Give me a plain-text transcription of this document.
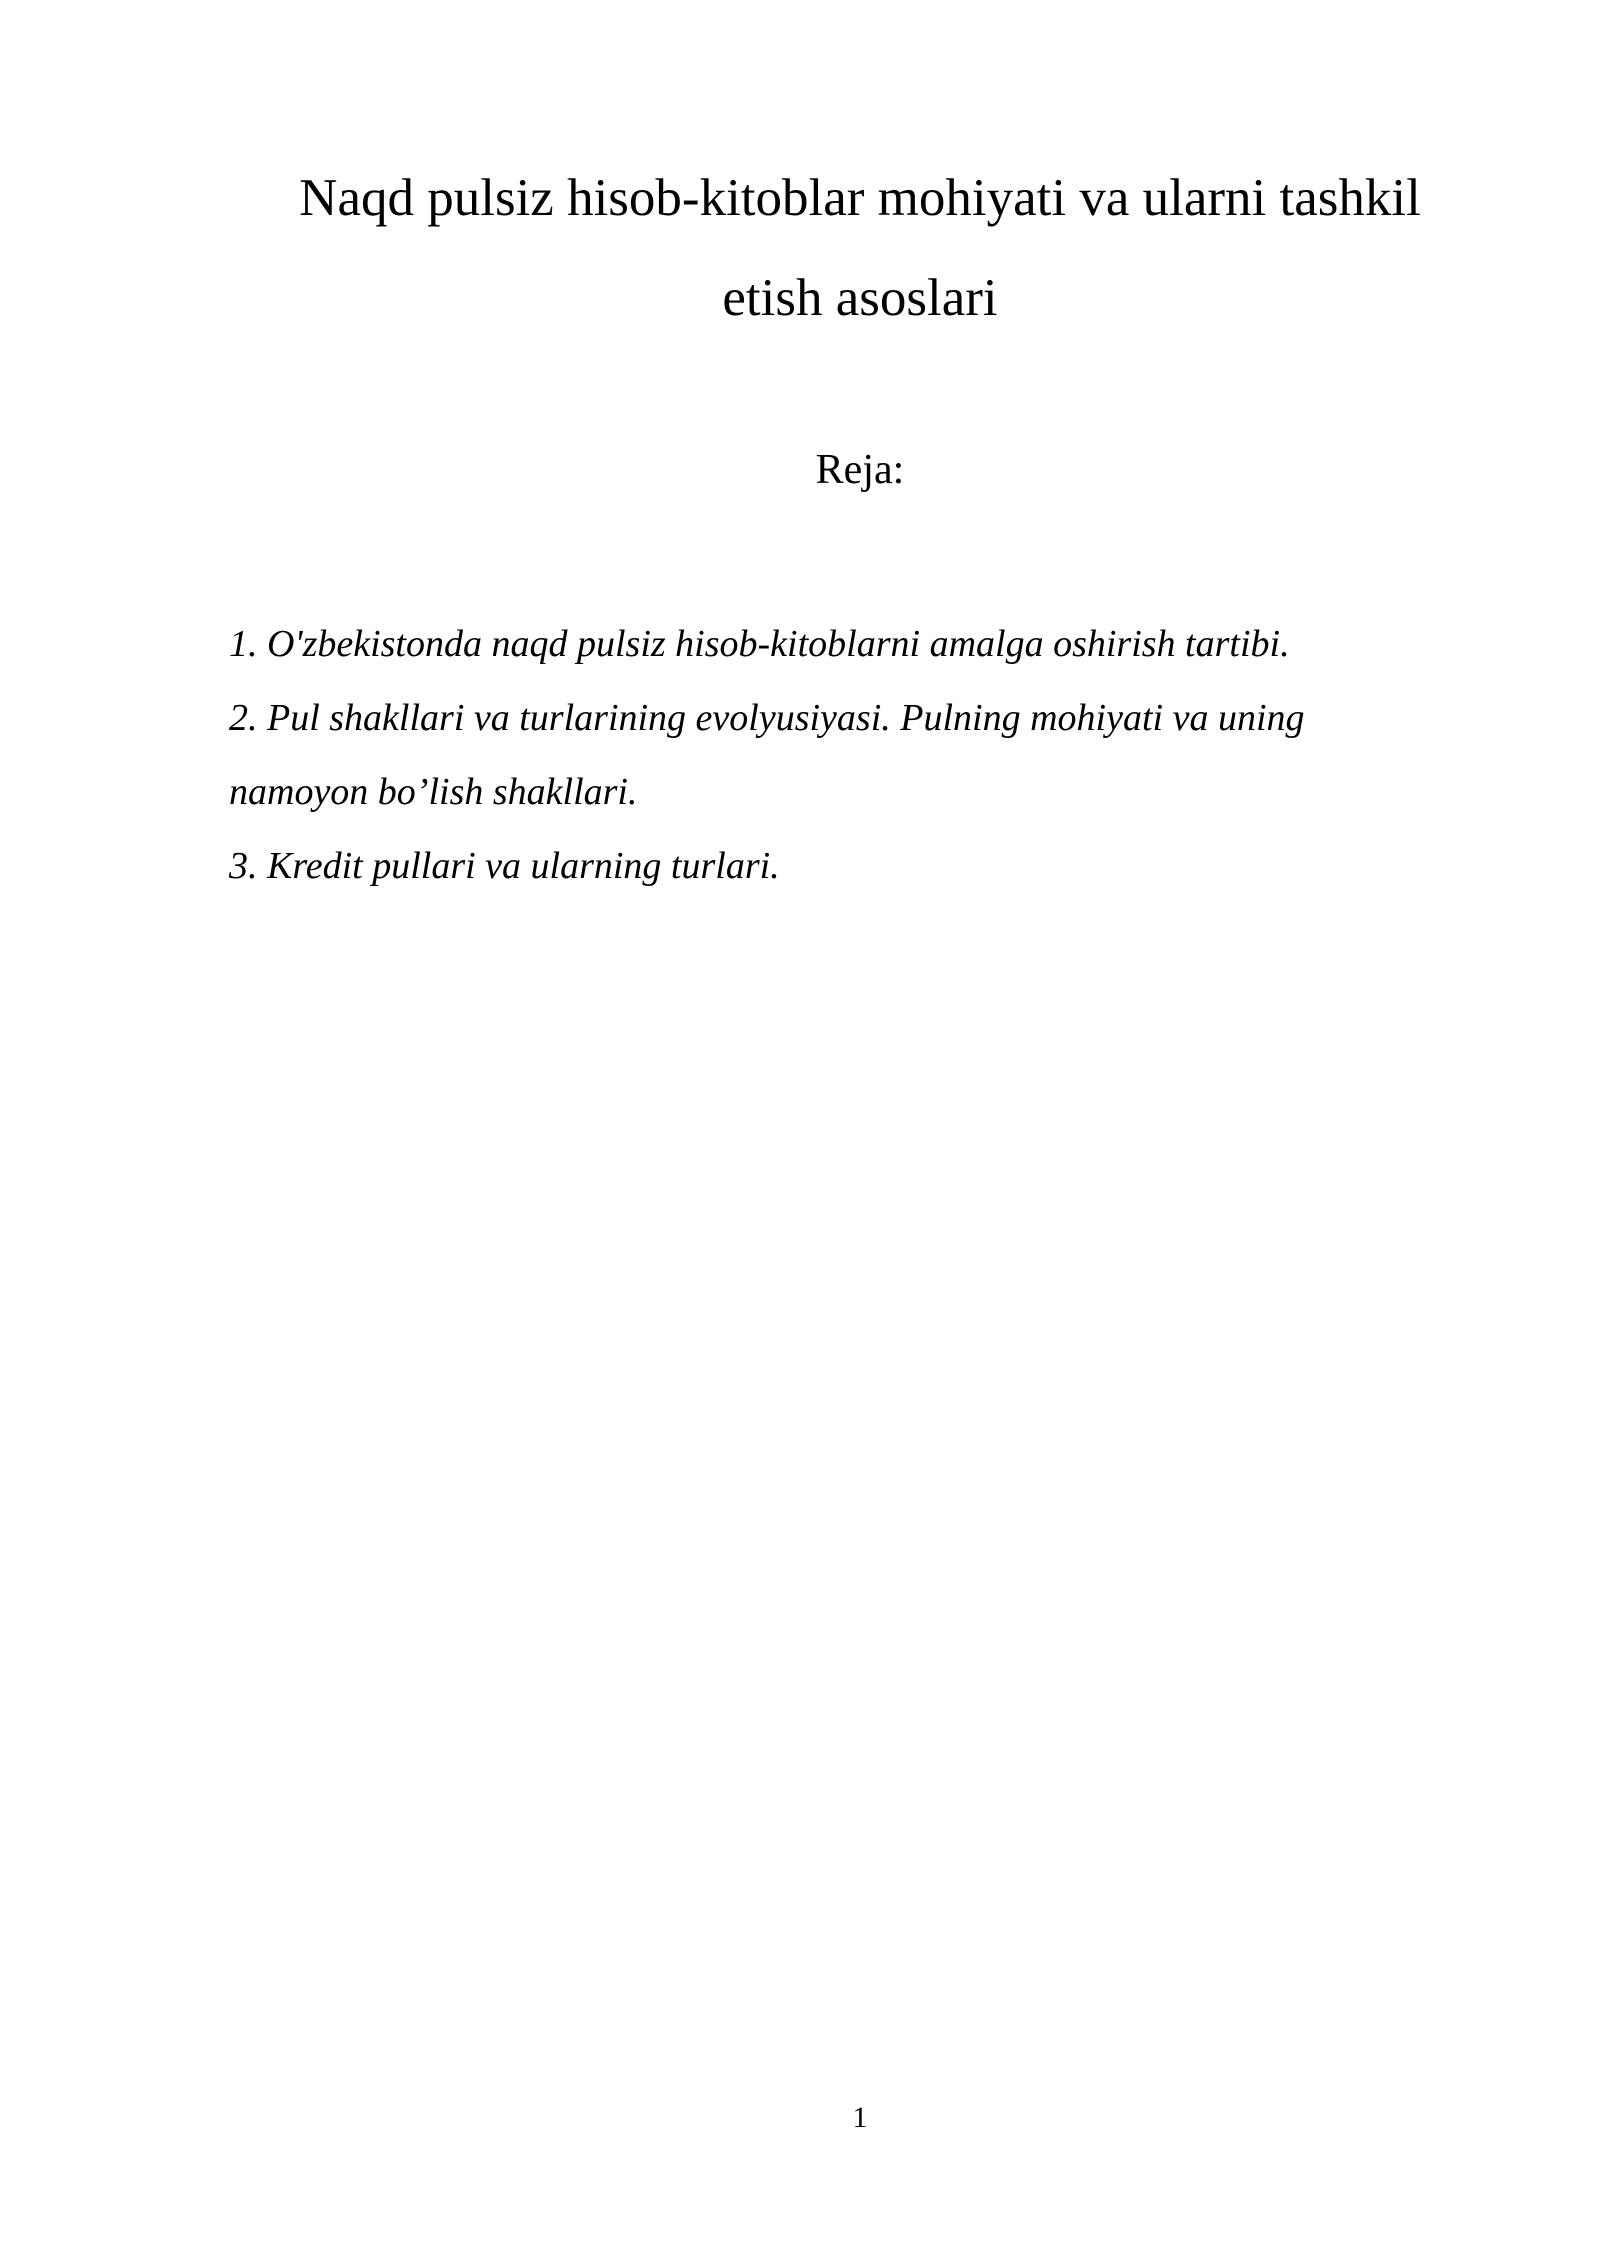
Naqd pulsiz hisob-kitoblar mohiyati va ularni tashkil
etish asoslari

Reja:

1. O'zbekistonda naqd pulsiz hisob-kitoblarni amalga oshirish tartibi.
2. Pul shakllari va turlarining evolyusiyasi. Pulning mohiyati va uning
namoyon bo’lish shakllari.
3. Kredit pullari va ularning turlari.
1
